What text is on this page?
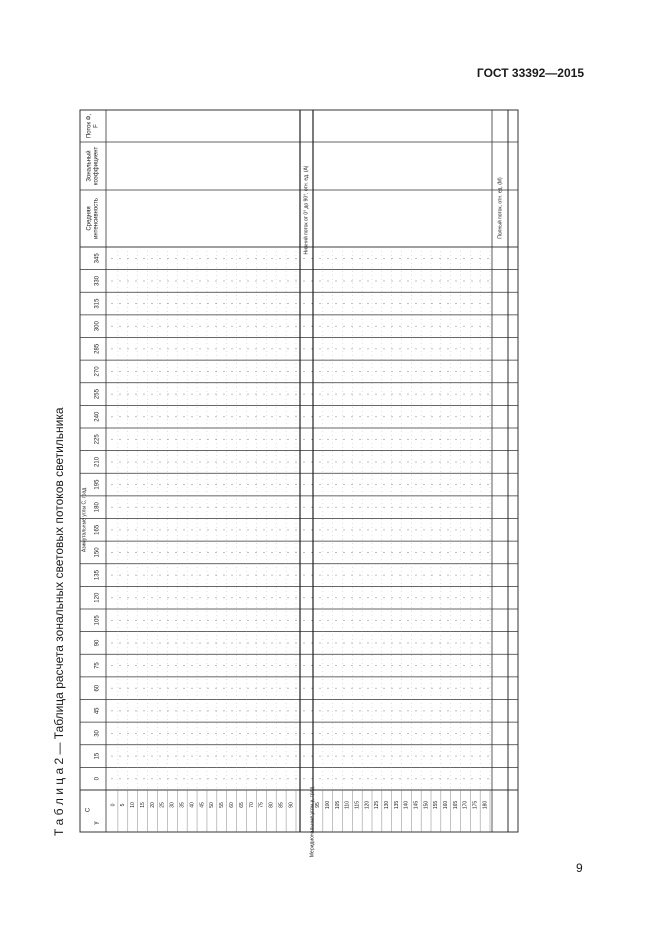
ГОСТ 33392—2015
9
Т а б л и ц а 2 — Таблица расчета зональных световых потоков светильника
Средняя интенсивность
Зональный коэффициент
Поток Ф, F
0
15
30
45
60
75
90
105
120
135
150
165
180
195
210
225
240
255
270
285
300
315
330
345
Азимутальные углы C, град
C
γ
0 5 10 15 20 25 30 35 40 45 50 55 60 65 70 75 80 85 90	95 100 105 110 115 120 125 130 135 140 145 150 155 160 165 170 175 180
Нижний поток от 0° до 90°, отн. ед. (А)	Полный поток, отн. ед. (М)
Меридиональные углы γ, град
